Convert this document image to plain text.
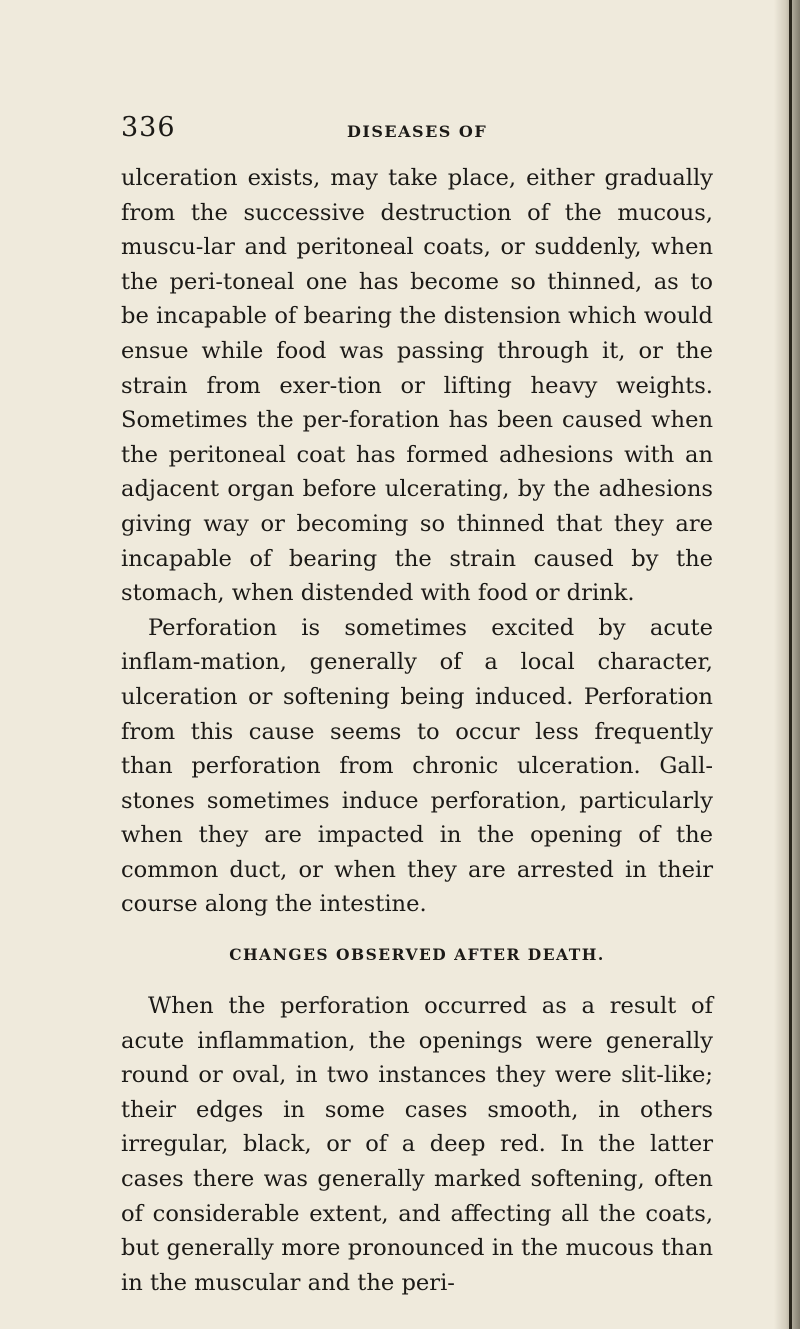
336	DISEASES OF

ulceration exists, may take place, either gradually from the successive destruction of the mucous, muscu-lar and peritoneal coats, or suddenly, when the peri-toneal one has become so thinned, as to be incapable of bearing the distension which would ensue while food was passing through it, or the strain from exer-tion or lifting heavy weights. Sometimes the per-foration has been caused when the peritoneal coat has formed adhesions with an adjacent organ before ulcerating, by the adhesions giving way or becoming so thinned that they are incapable of bearing the strain caused by the stomach, when distended with food or drink.

Perforation is sometimes excited by acute inflam-mation, generally of a local character, ulceration or softening being induced. Perforation from this cause seems to occur less frequently than perforation from chronic ulceration. Gall-stones sometimes induce perforation, particularly when they are impacted in the opening of the common duct, or when they are arrested in their course along the intestine.

CHANGES OBSERVED AFTER DEATH.

When the perforation occurred as a result of acute inflammation, the openings were generally round or oval, in two instances they were slit-like; their edges in some cases smooth, in others irregular, black, or of a deep red. In the latter cases there was generally marked softening, often of considerable extent, and affecting all the coats, but generally more pronounced in the mucous than in the muscular and the peri-
